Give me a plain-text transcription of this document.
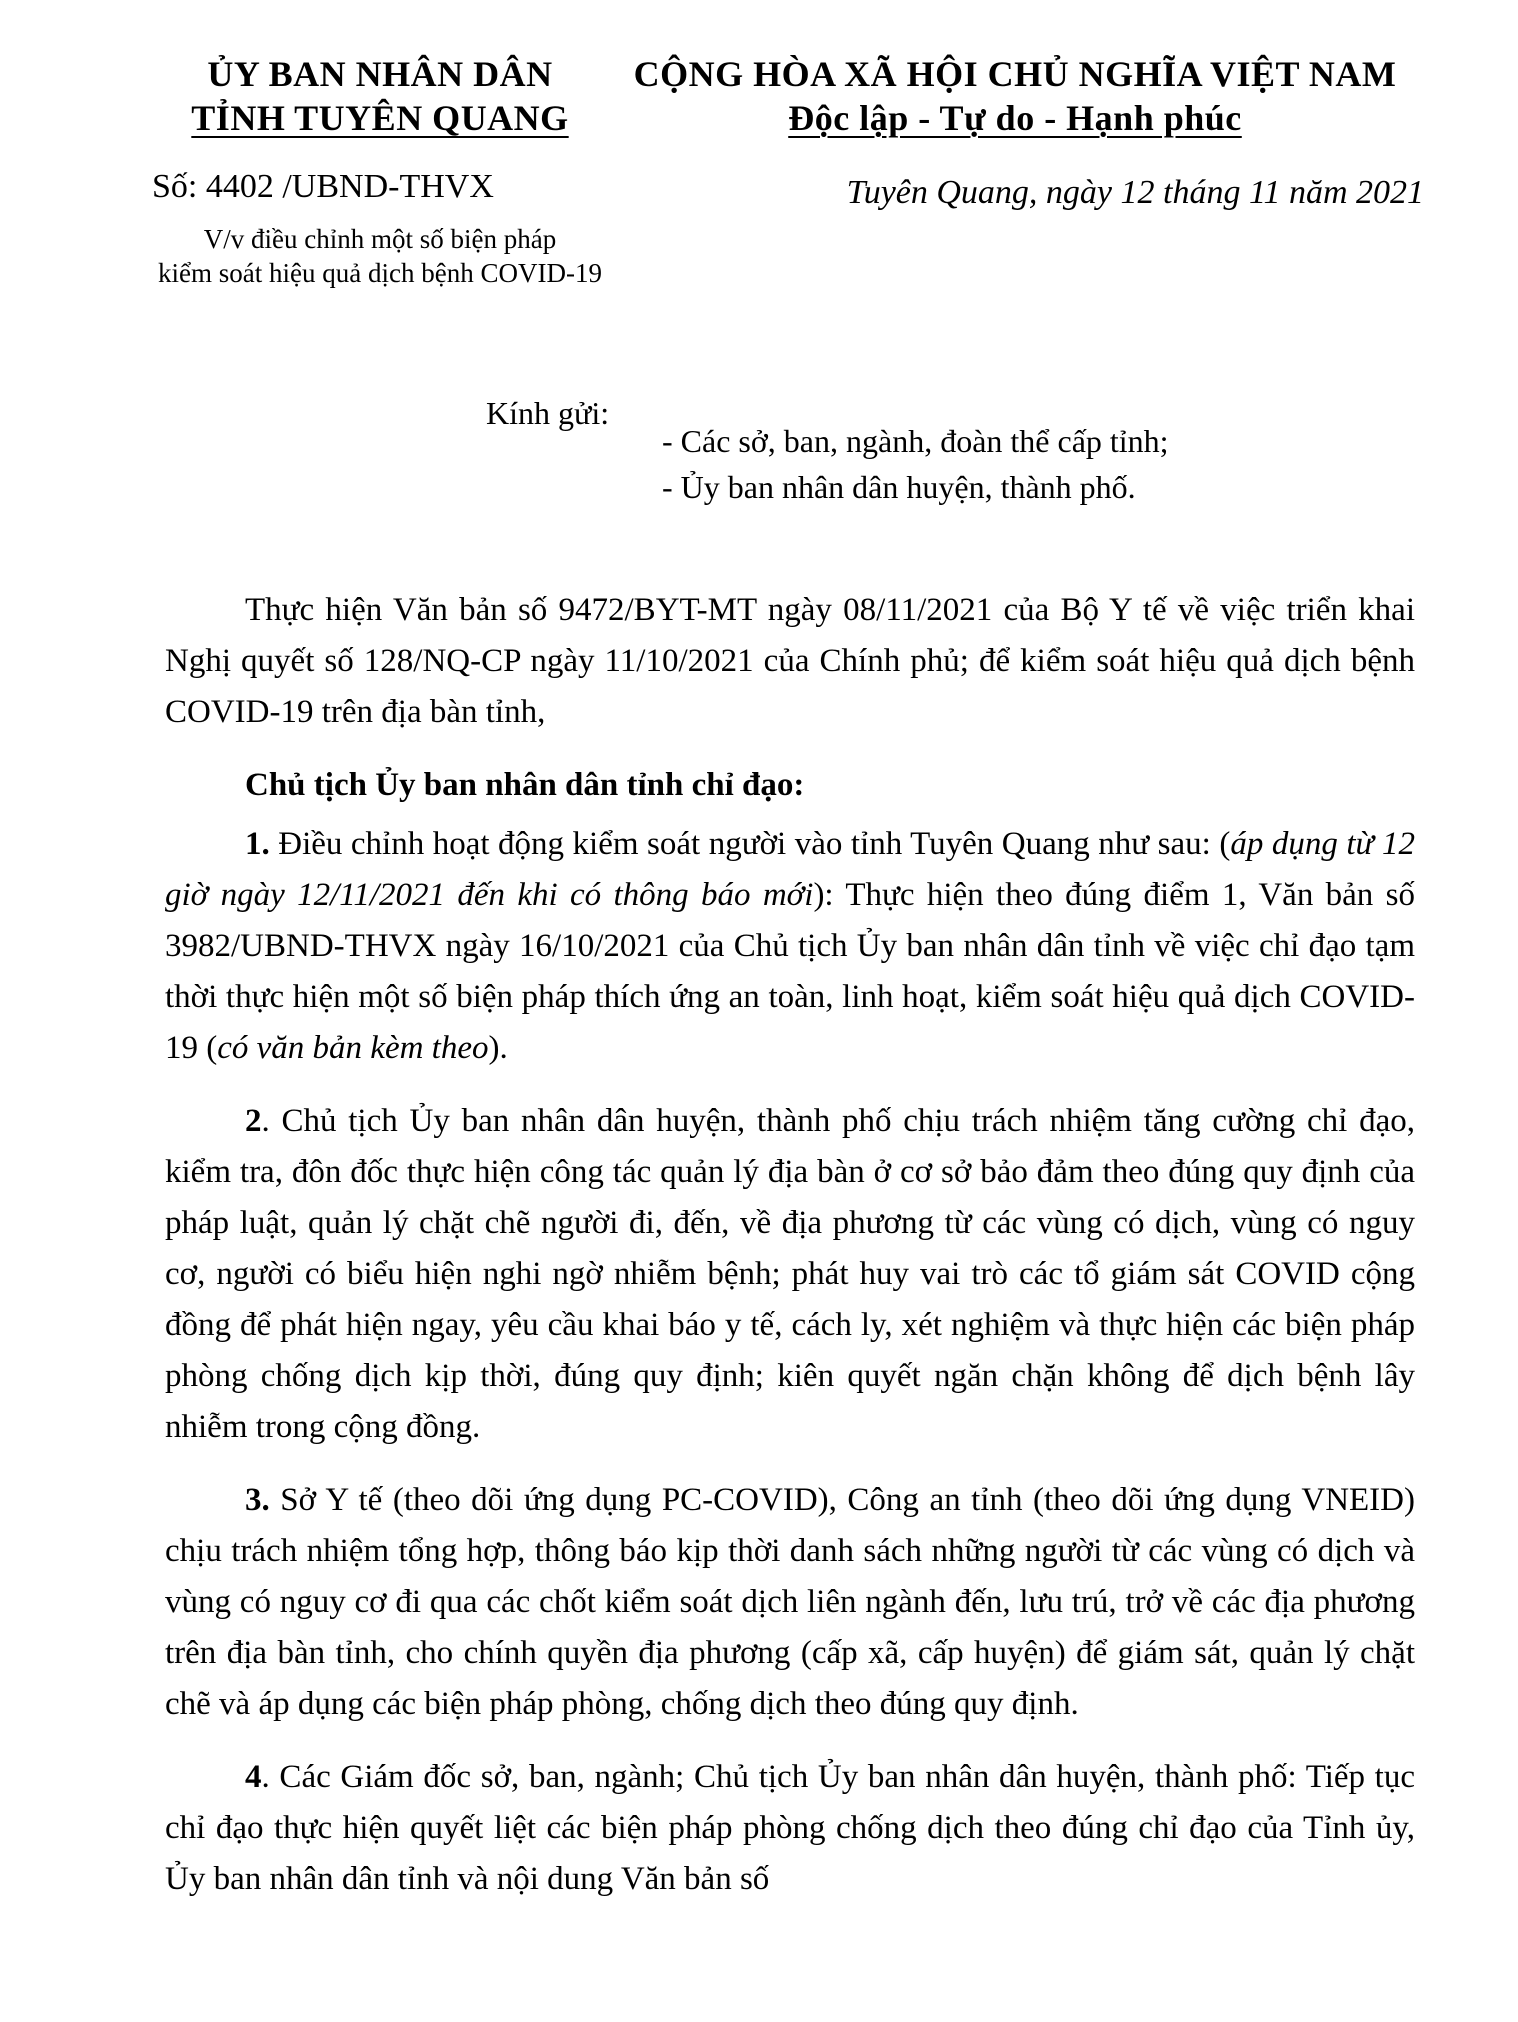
ỦY BAN NHÂN DÂN

TỈNH TUYÊN QUANG

Số: 4402 /UBND-THVX
V/v điều chỉnh một số biện pháp
kiểm soát hiệu quả dịch bệnh COVID-19

CỘNG HÒA XÃ HỘI CHỦ NGHĨA VIỆT NAM

Độc lập - Tự do - Hạnh phúc

Tuyên Quang, ngày 12 tháng 11 năm 2021
Kính gửi:
- Các sở, ban, ngành, đoàn thể cấp tỉnh;
- Ủy ban nhân dân huyện, thành phố.

Thực hiện Văn bản số 9472/BYT-MT ngày 08/11/2021 của Bộ Y tế về việc triển khai Nghị quyết số 128/NQ-CP ngày 11/10/2021 của Chính phủ; để kiểm soát hiệu quả dịch bệnh COVID-19 trên địa bàn tỉnh,

Chủ tịch Ủy ban nhân dân tỉnh chỉ đạo:

1. Điều chỉnh hoạt động kiểm soát người vào tỉnh Tuyên Quang như sau: (áp dụng từ 12 giờ ngày 12/11/2021 đến khi có thông báo mới): Thực hiện theo đúng điểm 1, Văn bản số 3982/UBND-THVX ngày 16/10/2021 của Chủ tịch Ủy ban nhân dân tỉnh về việc chỉ đạo tạm thời thực hiện một số biện pháp thích ứng an toàn, linh hoạt, kiểm soát hiệu quả dịch COVID-19 (có văn bản kèm theo).

2. Chủ tịch Ủy ban nhân dân huyện, thành phố chịu trách nhiệm tăng cường chỉ đạo, kiểm tra, đôn đốc thực hiện công tác quản lý địa bàn ở cơ sở bảo đảm theo đúng quy định của pháp luật, quản lý chặt chẽ người đi, đến, về địa phương từ các vùng có dịch, vùng có nguy cơ, người có biểu hiện nghi ngờ nhiễm bệnh; phát huy vai trò các tổ giám sát COVID cộng đồng để phát hiện ngay, yêu cầu khai báo y tế, cách ly, xét nghiệm và thực hiện các biện pháp phòng chống dịch kịp thời, đúng quy định; kiên quyết ngăn chặn không để dịch bệnh lây nhiễm trong cộng đồng.

3. Sở Y tế (theo dõi ứng dụng PC-COVID), Công an tỉnh (theo dõi ứng dụng VNEID) chịu trách nhiệm tổng hợp, thông báo kịp thời danh sách những người từ các vùng có dịch và vùng có nguy cơ đi qua các chốt kiểm soát dịch liên ngành đến, lưu trú, trở về các địa phương trên địa bàn tỉnh, cho chính quyền địa phương (cấp xã, cấp huyện) để giám sát, quản lý chặt chẽ và áp dụng các biện pháp phòng, chống dịch theo đúng quy định.

4. Các Giám đốc sở, ban, ngành; Chủ tịch Ủy ban nhân dân huyện, thành phố: Tiếp tục chỉ đạo thực hiện quyết liệt các biện pháp phòng chống dịch theo đúng chỉ đạo của Tỉnh ủy, Ủy ban nhân dân tỉnh và nội dung Văn bản số
